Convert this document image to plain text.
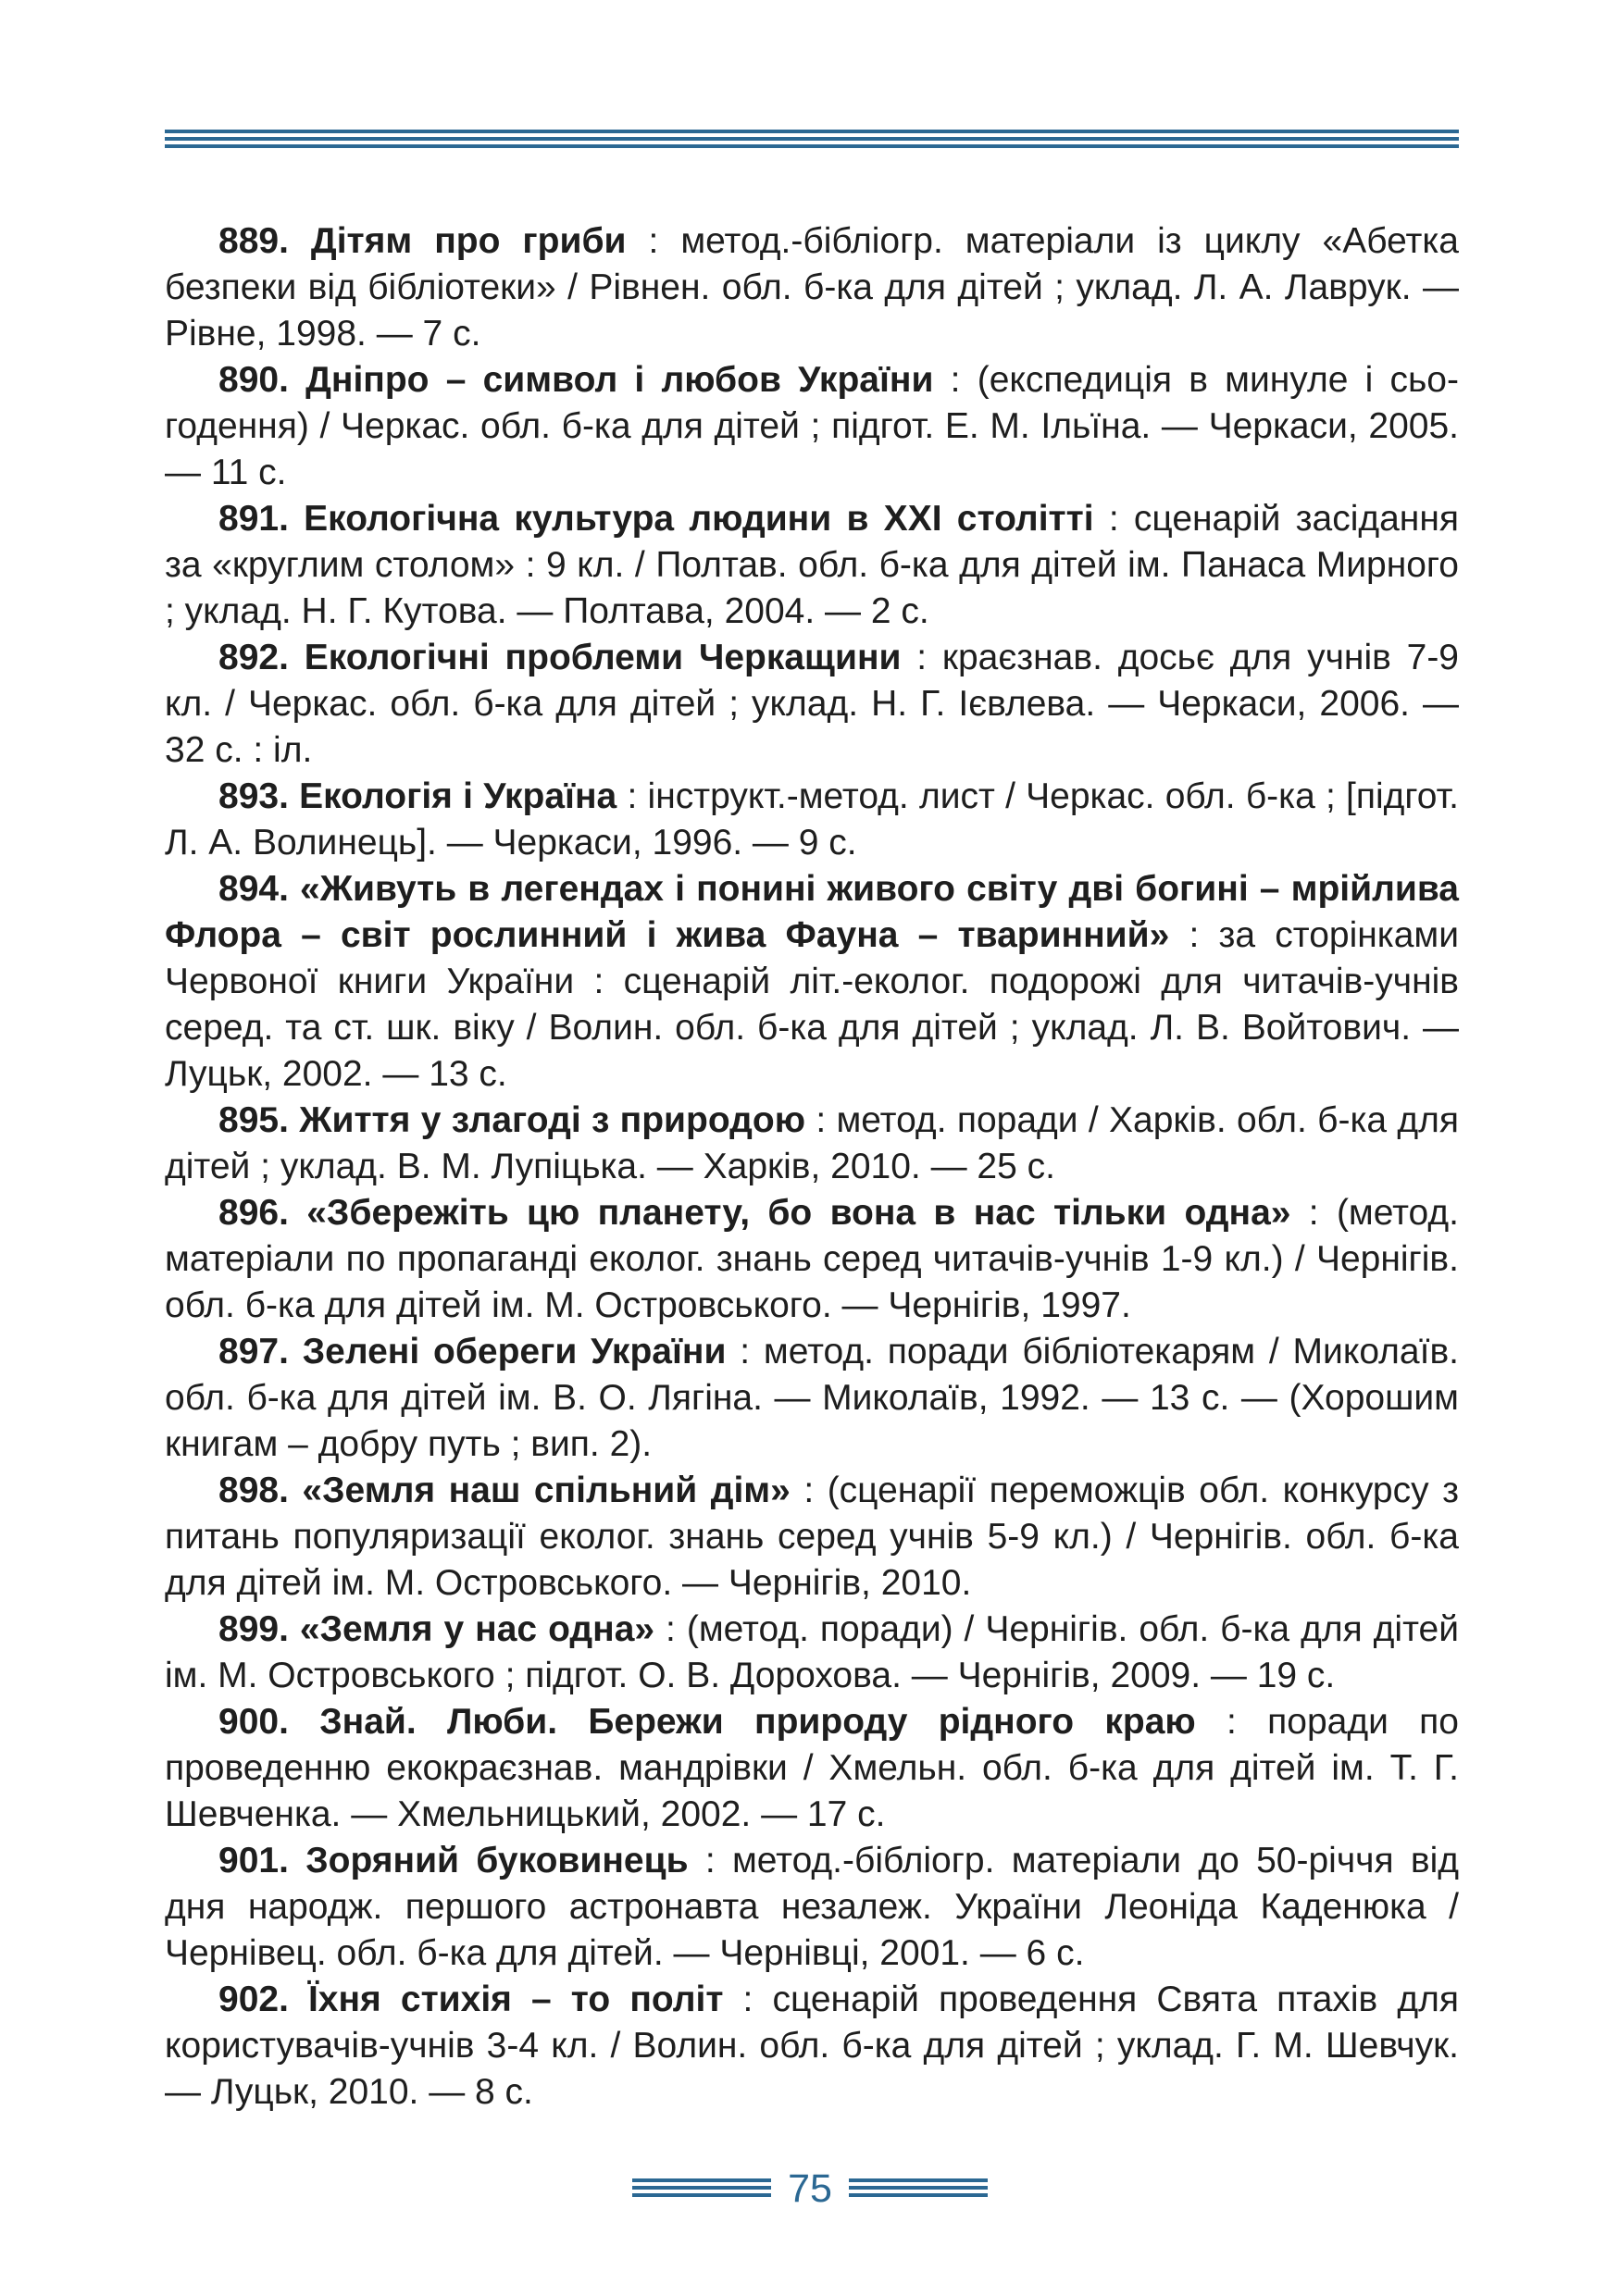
889. Дітям про гриби : метод.-бібліогр. матеріали із циклу «Абетка безпеки від бібліотеки» / Рівнен. обл. б-ка для дітей ; уклад. Л. А. Лаврук. — Рівне, 1998. — 7 с.

890. Дніпро – символ і любов України : (експедиція в минуле і сьогодення) / Черкас. обл. б-ка для дітей ; підгот. Е. М. Ільїна. — Черкаси, 2005. — 11 с.

891. Екологічна культура людини в XXI столітті : сценарій засідання за «круглим столом» : 9 кл. / Полтав. обл. б-ка для дітей ім. Панаса Мирного ; уклад. Н. Г. Кутова. — Полтава, 2004. — 2 с.

892. Екологічні проблеми Черкащини : краєзнав. досьє для учнів 7-9 кл. / Черкас. обл. б-ка для дітей ; уклад. Н. Г. Ієвлева. — Черкаси, 2006. — 32 с. : іл.

893. Екологія і Україна : інструкт.-метод. лист / Черкас. обл. б-ка ; [підгот. Л. А. Волинець]. — Черкаси, 1996. — 9 с.

894. «Живуть в легендах і понині живого світу дві богині – мрійлива Флора – світ рослинний і жива Фауна – тваринний» : за сторінками Червоної книги України : сценарій літ.-еколог. подорожі для читачів-учнів серед. та ст. шк. віку / Волин. обл. б-ка для дітей ; уклад. Л. В. Войтович. — Луцьк, 2002. — 13 с.

895. Життя у злагоді з природою : метод. поради / Харків. обл. б-ка для дітей ; уклад. В. М. Лупіцька. — Харків, 2010. — 25 с.

896. «Збережіть цю планету, бо вона в нас тільки одна» : (метод. матеріали по пропаганді еколог. знань серед читачів-учнів 1-9 кл.) / Чернігів. обл. б-ка для дітей ім. М. Островського. — Чернігів, 1997.

897. Зелені обереги України : метод. поради бібліотекарям / Миколаїв. обл. б-ка для дітей ім. В. О. Лягіна. — Миколаїв, 1992. — 13 с. — (Хорошим книгам – добру путь ; вип. 2).

898. «Земля наш спільний дім» : (сценарії переможців обл. конкурсу з питань популяризації еколог. знань серед учнів 5-9 кл.) / Чернігів. обл. б-ка для дітей ім. М. Островського. — Чернігів, 2010.

899. «Земля у нас одна» : (метод. поради) / Чернігів. обл. б-ка для дітей ім. М. Островського ; підгот. О. В. Дорохова. — Чернігів, 2009. — 19 с.

900. Знай. Люби. Бережи природу рідного краю : поради по проведенню екокраєзнав. мандрівки / Хмельн. обл. б-ка для дітей ім. Т. Г. Шевченка. — Хмельницький, 2002. — 17 с.

901. Зоряний буковинець : метод.-бібліогр. матеріали до 50-річчя від дня народж. першого астронавта незалеж. України Леоніда Каденюка / Чернівец. обл. б-ка для дітей. — Чернівці, 2001. — 6 с.

902. Їхня стихія – то політ : сценарій проведення Свята птахів для користувачів-учнів 3-4 кл. / Волин. обл. б-ка для дітей ; уклад. Г. М. Шевчук. — Луцьк, 2010. — 8 с.

75
